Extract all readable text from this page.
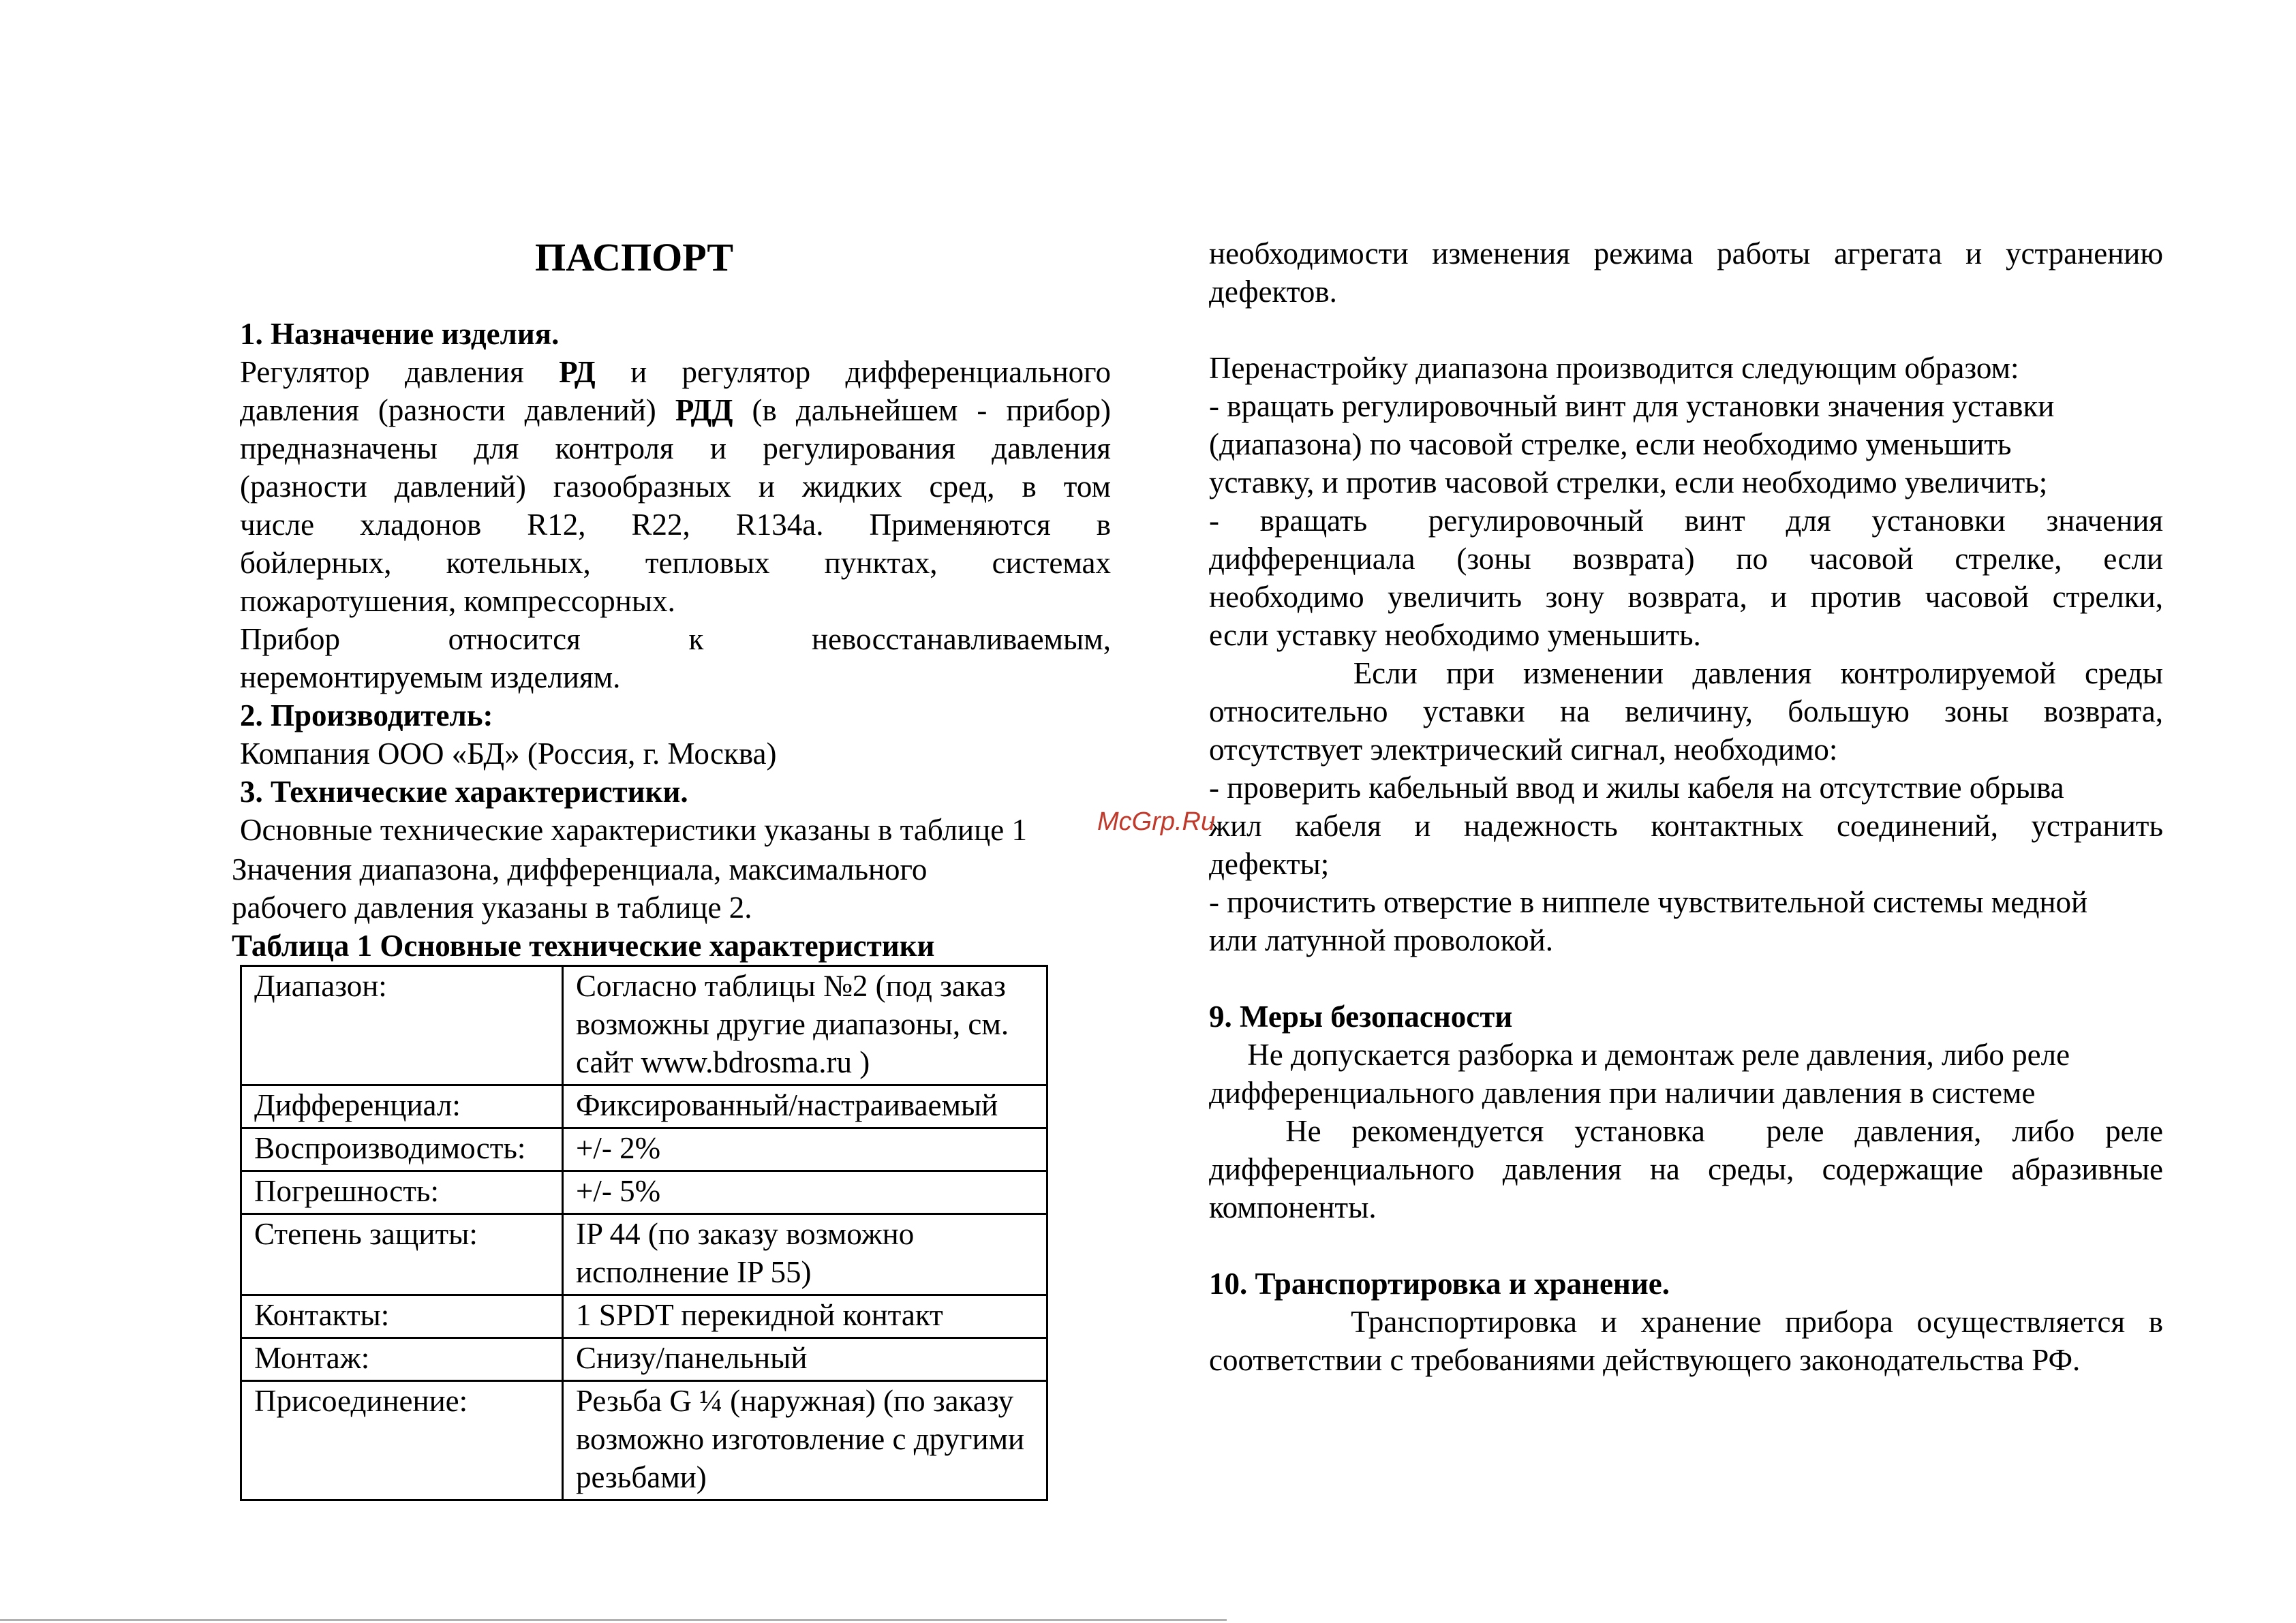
ПАСПОРТ

1. Назначение изделия.

Регулятор давления РД и регулятор дифференциального

давления (разности давлений) РДД (в дальнейшем - прибор)

предназначены для контроля и регулирования давления

(разности давлений) газообразных и жидких сред, в том

числе хладонов R12, R22, R134a. Применяются в

бойлерных, котельных, тепловых пунктах, системах

пожаротушения, компрессорных.

Прибор относится к невосстанавливаемым,

неремонтируемым изделиям.

2. Производитель:

Компания ООО «БД» (Россия, г. Москва)

3. Технические характеристики.

Основные технические характеристики указаны в таблице 1

Значения диапазона, дифференциала, максимального

рабочего давления указаны в таблице 2.

Таблица 1 Основные технические характеристики

Диапазон:	Согласно таблицы №2 (под заказ возможны другие диапазоны, см. сайт www.bdrosma.ru )
Дифференциал:	Фиксированный/настраиваемый
Воспроизводимость:	+/- 2%
Погрешность:	+/- 5%
Степень защиты:	IP 44 (по заказу возможно исполнение IP 55)
Контакты:	1 SPDT перекидной контакт
Монтаж:	Снизу/панельный
Присоединение:	Резьба G ¼ (наружная) (по заказу возможно изготовление с другими резьбами)

необходимости изменения режима работы агрегата и устранению

дефектов.

Перенастройку диапазона производится следующим образом:

- вращать регулировочный винт для установки значения уставки

(диапазона) по часовой стрелке, если необходимо уменьшить

уставку, и против часовой стрелки, если необходимо увеличить;

-  вращать   регулировочный  винт  для  установки  значения

дифференциала (зоны возврата) по часовой стрелке, если

необходимо увеличить зону возврата, и против часовой стрелки,

если уставку необходимо уменьшить.

Если при изменении давления контролируемой среды

относительно уставки на величину, большую зоны возврата,

отсутствует электрический сигнал, необходимо:

- проверить кабельный ввод и жилы кабеля на отсутствие обрыва

жил кабеля и надежность контактных соединений, устранить

дефекты;

- прочистить отверстие в ниппеле чувствительной системы медной

или латунной проволокой.

9. Меры безопасности

Не допускается разборка и демонтаж реле давления, либо реле

дифференциального давления при наличии давления в системе

Не  рекомендуется  установка    реле  давления,  либо  реле

дифференциального давления на среды, содержащие абразивные

компоненты.

10. Транспортировка и хранение.

Транспортировка и хранение прибора осуществляется в

соответствии с требованиями действующего законодательства РФ.

McGrp.Ru
